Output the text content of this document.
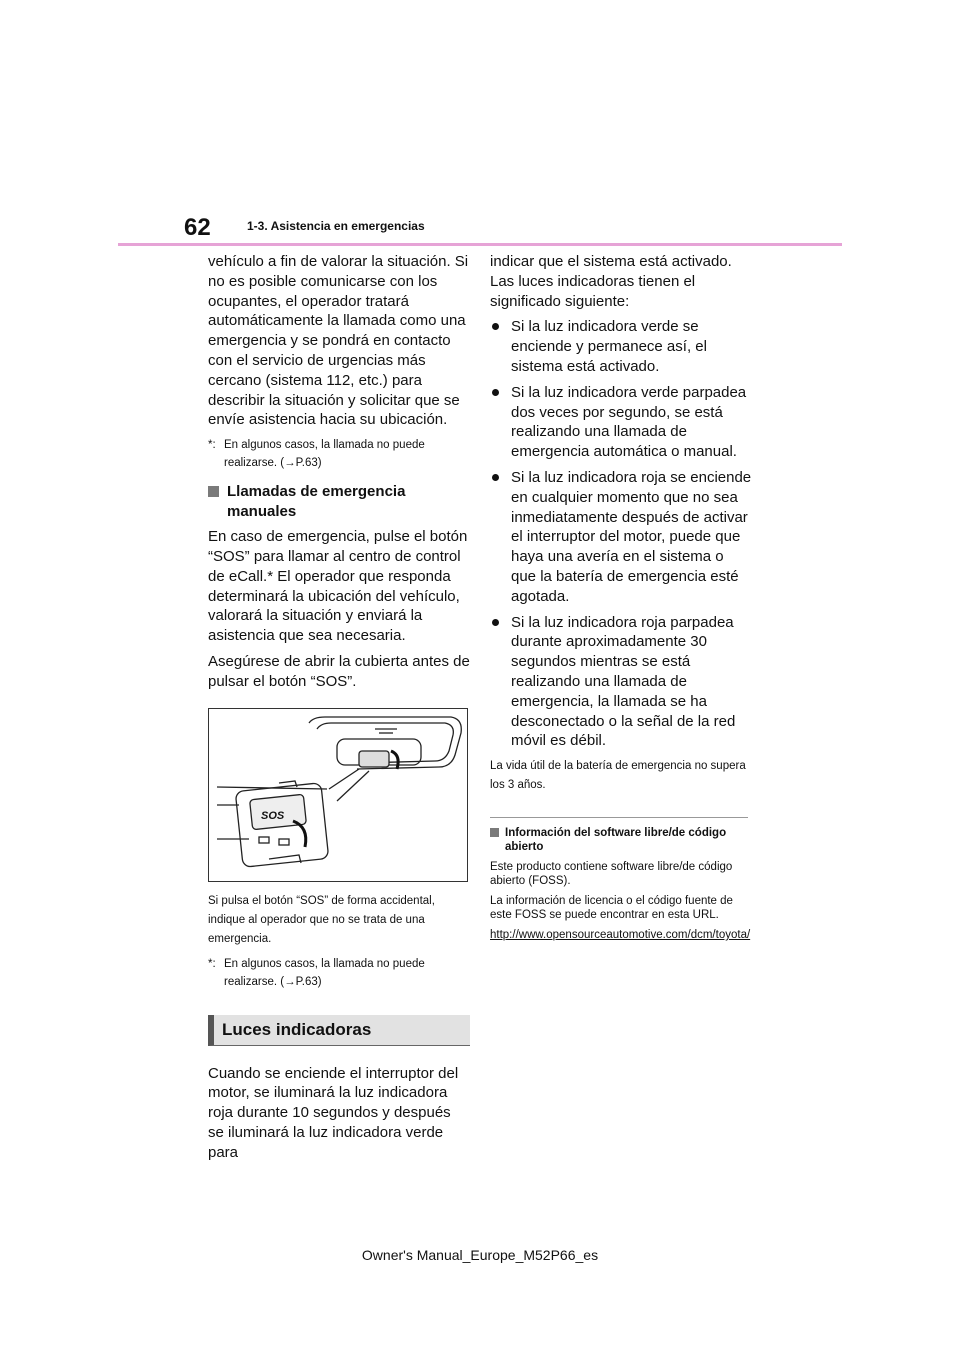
62	1-3. Asistencia en emergencias

vehículo a fin de valorar la situación. Si no es posible comunicarse con los ocupantes, el operador tratará automáticamente la llamada como una emergencia y se pondrá en contacto con el servicio de urgencias más cercano (sistema 112, etc.) para describir la situación y solicitar que se envíe asistencia hacia su ubicación.

*: En algunos casos, la llamada no puede realizarse. (→P.63)
Llamadas de emergencia manuales

En caso de emergencia, pulse el botón “SOS” para llamar al centro de control de eCall.* El operador que responda determinará la ubicación del vehículo, valorará la situación y enviará la asistencia que sea necesaria.

Asegúrese de abrir la cubierta antes de pulsar el botón “SOS”.

SOS

Si pulsa el botón “SOS” de forma accidental, indique al operador que no se trata de una emergencia.

*: En algunos casos, la llamada no puede realizarse. (→P.63)
Luces indicadoras

Cuando se enciende el interruptor del motor, se iluminará la luz indicadora roja durante 10 segundos y después se iluminará la luz indicadora verde para

indicar que el sistema está activado. Las luces indicadoras tienen el significado siguiente:

Si la luz indicadora verde se enciende y permanece así, el sistema está activado.
Si la luz indicadora verde parpadea dos veces por segundo, se está realizando una llamada de emergencia automática o manual.
Si la luz indicadora roja se enciende en cualquier momento que no sea inmediatamente después de activar el interruptor del motor, puede que haya una avería en el sistema o que la batería de emergencia esté agotada.
Si la luz indicadora roja parpadea durante aproximadamente 30 segundos mientras se está realizando una llamada de emergencia, la llamada se ha desconectado o la señal de la red móvil es débil.

La vida útil de la batería de emergencia no supera los 3 años.

Información del software libre/de código abierto

Este producto contiene software libre/de código abierto (FOSS).

La información de licencia o el código fuente de este FOSS se puede encontrar en esta URL.

http://www.opensourceautomotive.com/dcm/toyota/
Owner's Manual_Europe_M52P66_es
